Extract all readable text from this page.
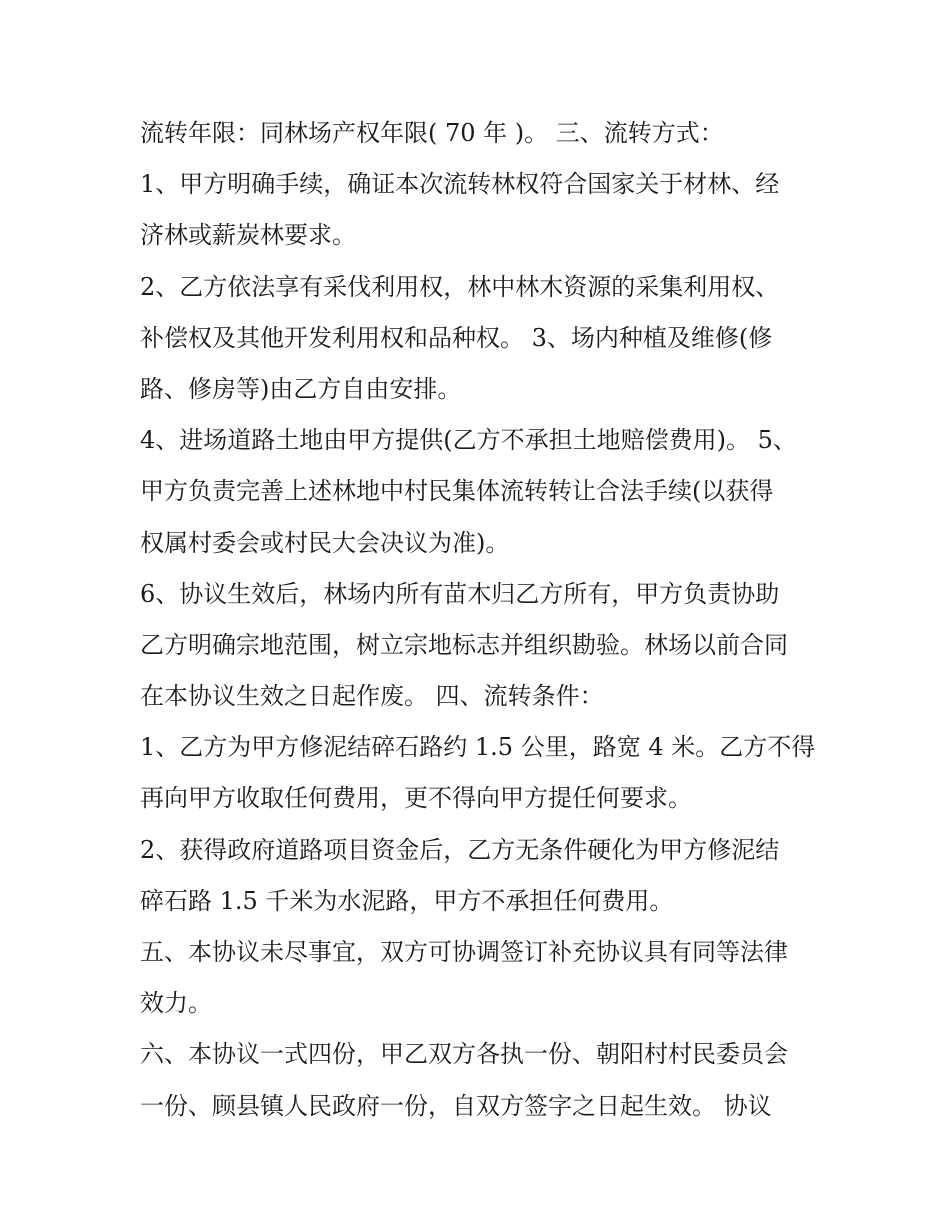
流转年限：同林场产权年限( 70 年 )。 三、流转方式：
1、甲方明确手续，确证本次流转林权符合国家关于材林、经
济林或薪炭林要求。
2、乙方依法享有采伐利用权，林中林木资源的采集利用权、
补偿权及其他开发利用权和品种权。 3、场内种植及维修(修
路、修房等)由乙方自由安排。
4、进场道路土地由甲方提供(乙方不承担土地赔偿费用)。 5、
甲方负责完善上述林地中村民集体流转转让合法手续(以获得
权属村委会或村民大会决议为准)。
6、协议生效后，林场内所有苗木归乙方所有，甲方负责协助
乙方明确宗地范围，树立宗地标志并组织勘验。林场以前合同
在本协议生效之日起作废。 四、流转条件：
1、乙方为甲方修泥结碎石路约 1.5 公里，路宽 4 米。乙方不得
再向甲方收取任何费用，更不得向甲方提任何要求。
2、获得政府道路项目资金后，乙方无条件硬化为甲方修泥结
碎石路 1.5 千米为水泥路，甲方不承担任何费用。
五、本协议未尽事宜，双方可协调签订补充协议具有同等法律
效力。
六、本协议一式四份，甲乙双方各执一份、朝阳村村民委员会
一份、顾县镇人民政府一份，自双方签字之日起生效。 协议
